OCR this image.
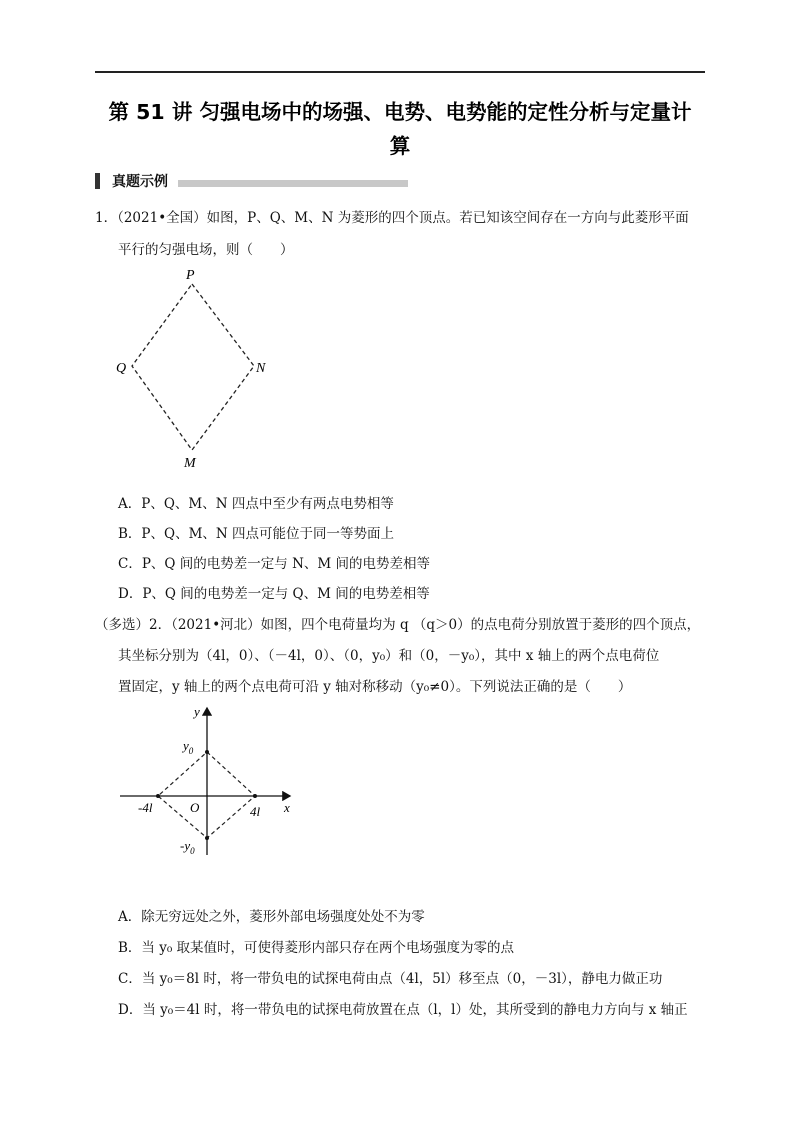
第 51 讲 匀强电场中的场强、电势、电势能的定性分析与定量计
算
真题示例
1．（2021•全国）如图，P、Q、M、N 为菱形的四个顶点。若已知该空间存在一方向与此菱形平面
平行的匀强电场，则（　　）
P
Q	N
M
A．P、Q、M、N 四点中至少有两点电势相等
B．P、Q、M、N 四点可能位于同一等势面上
C．P、Q 间的电势差一定与 N、M 间的电势差相等
D．P、Q 间的电势差一定与 Q、M 间的电势差相等
（多选）2．（2021•河北）如图，四个电荷量均为 q （q＞0）的点电荷分别放置于菱形的四个顶点，
其坐标分别为（4l，0）、（－4l，0）、（0，y₀）和（0，－y₀），其中 x 轴上的两个点电荷位
置固定，y 轴上的两个点电荷可沿 y 轴对称移动（y₀≠0）。下列说法正确的是（　　）
y
x
O
$y_0$
$-y_0$
-4l	4l
A．除无穷远处之外，菱形外部电场强度处处不为零
B．当 y₀ 取某值时，可使得菱形内部只存在两个电场强度为零的点
C．当 y₀＝8l 时，将一带负电的试探电荷由点（4l，5l）移至点（0，－3l），静电力做正功
D．当 y₀＝4l 时，将一带负电的试探电荷放置在点（l，l）处，其所受到的静电力方向与 x 轴正
